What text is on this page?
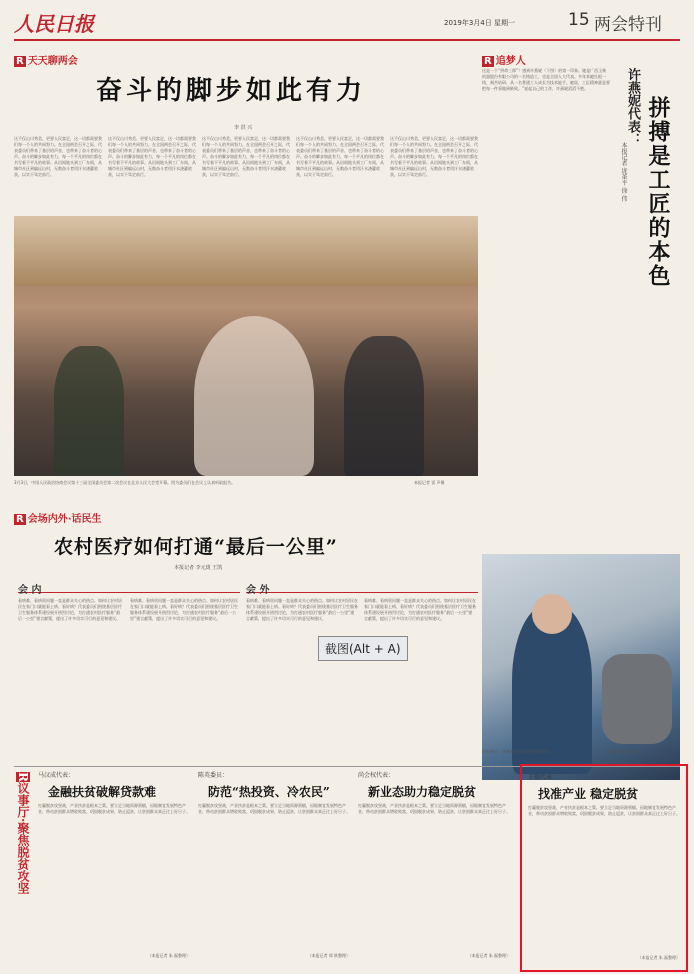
人民日报	2019年3月4日 星期一	15 两会特刊
R 天天聊两会
奋斗的脚步如此有力
李 洪 兴
这不仅山川秀美、更要人民富足，这一切都需要我们每一个人的共同努力。在全国两会召开之际，代表委员们带来了基层的声音，也带来了奋斗者的心声。奋斗的脚步如此有力，每一个平凡的岗位都在书写着不平凡的故事。从田间地头到工厂车间，从城市社区到偏远山村，无数奋斗者用汗水浇灌收获，以实干笃定前行。
这不仅山川秀美、更要人民富足，这一切都需要我们每一个人的共同努力。在全国两会召开之际，代表委员们带来了基层的声音，也带来了奋斗者的心声。奋斗的脚步如此有力，每一个平凡的岗位都在书写着不平凡的故事。从田间地头到工厂车间，从城市社区到偏远山村，无数奋斗者用汗水浇灌收获，以实干笃定前行。
这不仅山川秀美、更要人民富足，这一切都需要我们每一个人的共同努力。在全国两会召开之际，代表委员们带来了基层的声音，也带来了奋斗者的心声。奋斗的脚步如此有力，每一个平凡的岗位都在书写着不平凡的故事。从田间地头到工厂车间，从城市社区到偏远山村，无数奋斗者用汗水浇灌收获，以实干笃定前行。
这不仅山川秀美、更要人民富足，这一切都需要我们每一个人的共同努力。在全国两会召开之际，代表委员们带来了基层的声音，也带来了奋斗者的心声。奋斗的脚步如此有力，每一个平凡的岗位都在书写着不平凡的故事。从田间地头到工厂车间，从城市社区到偏远山村，无数奋斗者用汗水浇灌收获，以实干笃定前行。
这不仅山川秀美、更要人民富足，这一切都需要我们每一个人的共同努力。在全国两会召开之际，代表委员们带来了基层的声音，也带来了奋斗者的心声。奋斗的脚步如此有力，每一个平凡的岗位都在书写着不平凡的故事。从田间地头到工厂车间，从城市社区到偏远山村，无数奋斗者用汗水浇灌收获，以实干笃定前行。
3月3日，中国人民政治协商会议第十三届全国委员会第二次会议在北京人民大会堂开幕。图为委员们在会议上认真听取报告。	本报记者 雷 声摄
R 追梦人
许燕妮代表： 拼搏是工匠的本色
本报记者 庞革平 徐 伟
这是一个“拼命三郎”！感到许燕妮（下图）的第一印象。她是广西玉柴机器股份有限公司的一名铸造工，也是全国人大代表。多年来她扎根一线，刻苦钻研，从一名普通工人成长为技术能手。她说，工匠精神就是要把每一件事做到极致。”说起自己的工作，许燕妮滔滔不绝。
资料图片：许燕妮在车间进行技术攻关。	本报记者 庞革平摄
R 会场内外·话民生
农村医疗如何打通“最后一公里”
本报记者 李元珑 王凯
会 内	会 外
看病难、看病贵问题一直是群众关心的热点。如何让农村居民在家门口就能看上病、看好病？代表委员们围绕基层医疗卫生服务体系建设展开热烈讨论，为打通农村医疗服务“最后一公里”建言献策，提出了许多切实可行的意见和建议。
看病难、看病贵问题一直是群众关心的热点。如何让农村居民在家门口就能看上病、看好病？代表委员们围绕基层医疗卫生服务体系建设展开热烈讨论，为打通农村医疗服务“最后一公里”建言献策，提出了许多切实可行的意见和建议。
看病难、看病贵问题一直是群众关心的热点。如何让农村居民在家门口就能看上病、看好病？代表委员们围绕基层医疗卫生服务体系建设展开热烈讨论，为打通农村医疗服务“最后一公里”建言献策，提出了许多切实可行的意见和建议。
看病难、看病贵问题一直是群众关心的热点。如何让农村居民在家门口就能看上病、看好病？代表委员们围绕基层医疗卫生服务体系建设展开热烈讨论，为打通农村医疗服务“最后一公里”建言献策，提出了许多切实可行的意见和建议。
截图(Alt + A)
R议事厅·聚焦脱贫攻坚
马汉成代表：
金融扶贫破解贷款难
打赢脱贫攻坚战，产业扶贫是根本之策。要立足当地资源禀赋，因地制宜发展特色产业，带动贫困群众增收致富，巩固脱贫成果，防止返贫，让贫困群众真正过上好日子。
（本报记者 朱 磊整理）
陈英委员：
防范“热投资、冷农民”
打赢脱贫攻坚战，产业扶贫是根本之策。要立足当地资源禀赋，因地制宜发展特色产业，带动贫困群众增收致富，巩固脱贫成果，防止返贫，让贫困群众真正过上好日子。
（本报记者 郑 轶整理）
尚会权代表：
新业态助力稳定脱贫
打赢脱贫攻坚战，产业扶贫是根本之策。要立足当地资源禀赋，因地制宜发展特色产业，带动贫困群众增收致富，巩固脱贫成果，防止返贫，让贫困群众真正过上好日子。
（本报记者 朱 磊整理）
王德代表：
找准产业 稳定脱贫
打赢脱贫攻坚战，产业扶贫是根本之策。要立足当地资源禀赋，因地制宜发展特色产业，带动贫困群众增收致富，巩固脱贫成果，防止返贫，让贫困群众真正过上好日子。
（本报记者 朱 磊整理）
